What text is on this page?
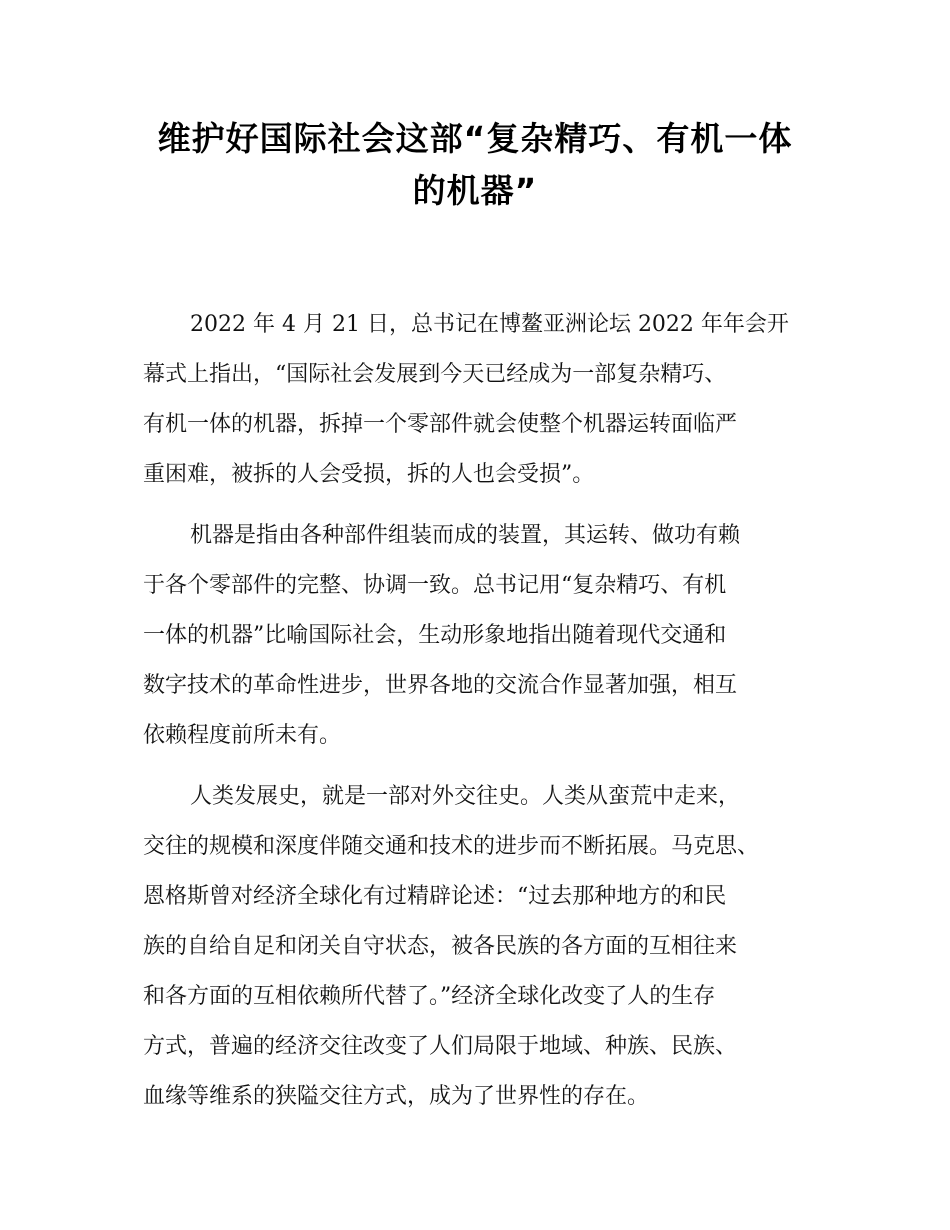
维护好国际社会这部“复杂精巧、有机一体
的机器”
2022 年 4 月 21 日，总书记在博鳌亚洲论坛 2022 年年会开
幕式上指出，“国际社会发展到今天已经成为一部复杂精巧、
有机一体的机器，拆掉一个零部件就会使整个机器运转面临严
重困难，被拆的人会受损，拆的人也会受损”。
机器是指由各种部件组装而成的装置，其运转、做功有赖
于各个零部件的完整、协调一致。总书记用“复杂精巧、有机
一体的机器”比喻国际社会，生动形象地指出随着现代交通和
数字技术的革命性进步，世界各地的交流合作显著加强，相互
依赖程度前所未有。
人类发展史，就是一部对外交往史。人类从蛮荒中走来，
交往的规模和深度伴随交通和技术的进步而不断拓展。马克思、
恩格斯曾对经济全球化有过精辟论述：“过去那种地方的和民
族的自给自足和闭关自守状态，被各民族的各方面的互相往来
和各方面的互相依赖所代替了。”经济全球化改变了人的生存
方式，普遍的经济交往改变了人们局限于地域、种族、民族、
血缘等维系的狭隘交往方式，成为了世界性的存在。
